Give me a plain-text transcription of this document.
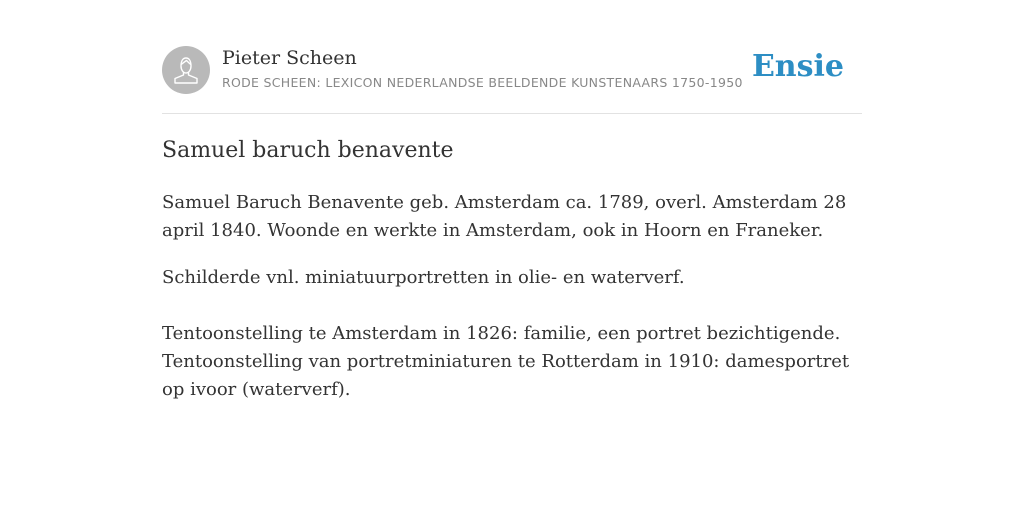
Pieter Scheen
RODE SCHEEN: LEXICON NEDERLANDSE BEELDENDE KUNSTENAARS 1750-1950 Ensie
Samuel baruch benavente

Samuel Baruch Benavente geb. Amsterdam ca. 1789, overl. Amsterdam 28 april 1840. Woonde en werkte in Amsterdam, ook in Hoorn en Franeker.

Schilderde vnl. miniatuurportretten in olie- en waterverf.

Tentoonstelling te Amsterdam in 1826: familie, een portret bezichtigende.

Tentoonstelling van portretminiaturen te Rotterdam in 1910: damesportret op ivoor (waterverf).
